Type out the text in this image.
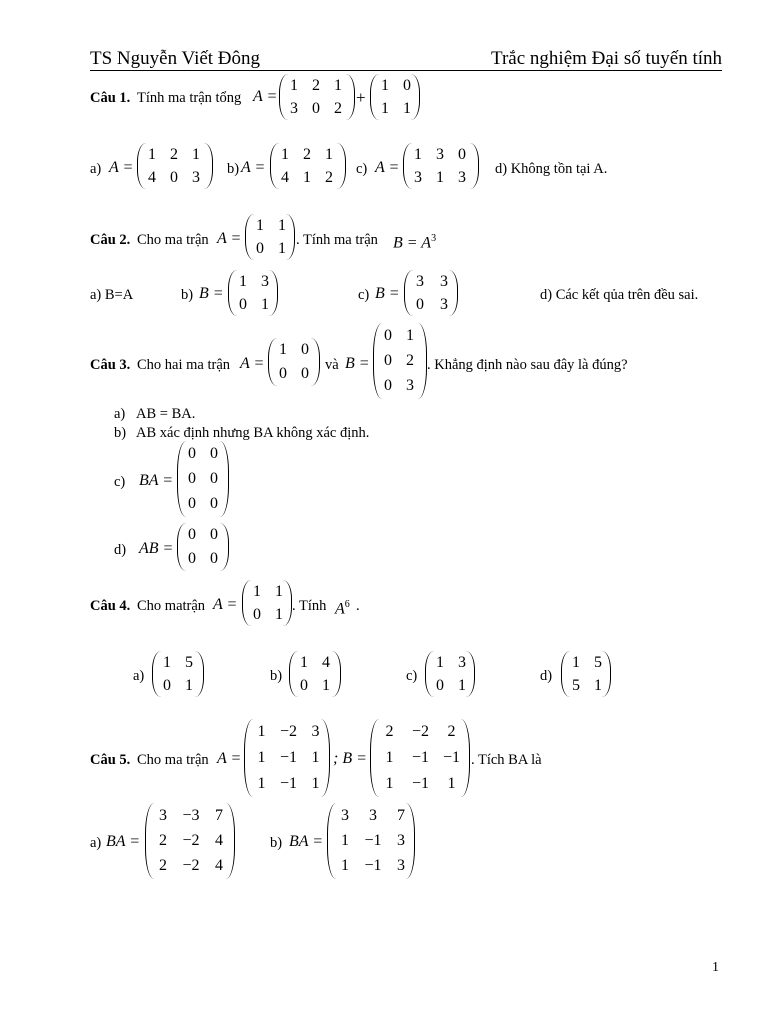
TS Nguyễn Viết Đông	Trắc nghiệm Đại số tuyến tính
Câu 1. Tính ma trận tổng A =
1 2 1
3 0 2
+
1 0
1 1
a) A =
1 2 1
4 0 3	b) A =
1 2 1
4 1 2	c) A =
1 3 0
3 1 3	d) Không tồn tại A.
Câu 2. Cho ma trận A =
1 1
0 1 . Tính ma trận $B = A^3$
a) B=A	b) B =
1 3
0 1
c) B =
3	3
0	3
d) Các kết qủa trên đều sai.
Câu 3. Cho hai ma trận A =
1 0
0 0	và B =
0 1
0 2
0 3
. Khẳng định nào sau đây là đúng?
a) AB = BA.
b) AB xác định nhưng BA không xác định.
c) BA =
0 0
0 0
0 0
d) AB =
0 0
0 0
Câu 4. Cho matrận A =
1 1
0 1 . Tính $A^6$ .
a)
1 5
0 1
b)
1 4
0 1
c)
1 3
0 1
d)
1 5
5 1
Câu 5. Cho ma trận A =
1 −2 3
1 −1 1
1 −1 1
; B =
2	−2	2
1	−1 −1
1	−1	1
. Tích BA là
a) BA =
3 −3 7
2 −2 4
2 −2 4
b) BA =
3	3	7
1 −1 3
1 −1 3
1
